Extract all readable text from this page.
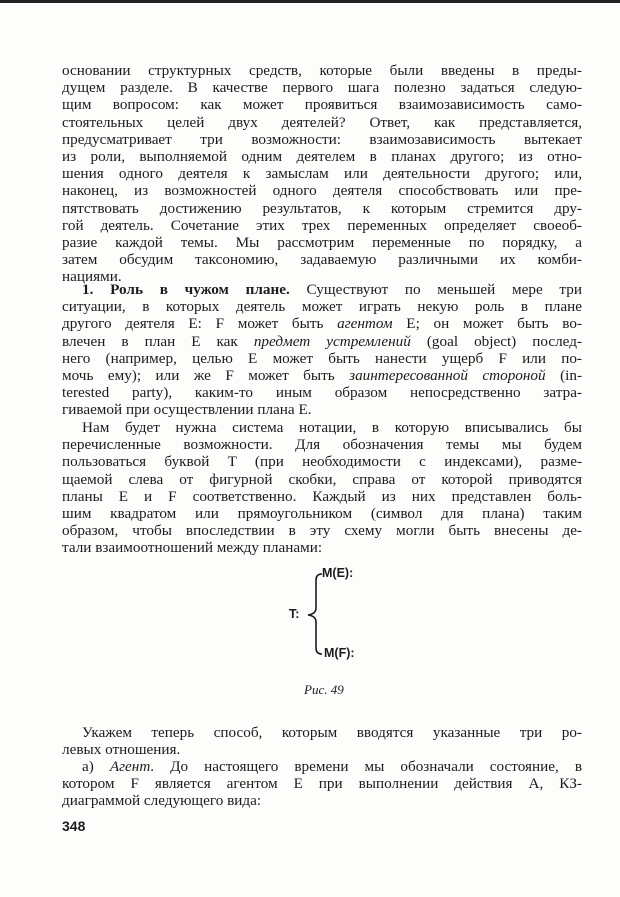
основании структурных средств, которые были введены в преды-
дущем разделе. В качестве первого шага полезно задаться следую-
щим вопросом: как может проявиться взаимозависимость само-
стоятельных целей двух деятелей? Ответ, как представляется,
предусматривает три возможности: взаимозависимость вытекает
из роли, выполняемой одним деятелем в планах другого; из отно-
шения одного деятеля к замыслам или деятельности другого; или,
наконец, из возможностей одного деятеля способствовать или пре-
пятствовать достижению результатов, к которым стремится дру-
гой деятель. Сочетание этих трех переменных определяет своеоб-
разие каждой темы. Мы рассмотрим переменные по порядку, а
затем обсудим таксономию, задаваемую различными их комби-
нациями.
1. Роль в чужом плане. Существуют по меньшей мере три
ситуации, в которых деятель может играть некую роль в плане
другого деятеля E: F может быть агентом E; он может быть во-
влечен в план E как предмет устремлений (goal object) послед-
него (например, целью E может быть нанести ущерб F или по-
мочь ему); или же F может быть заинтересованной стороной (in-
terested party), каким-то иным образом непосредственно затра-
гиваемой при осуществлении плана E.
Нам будет нужна система нотации, в которую вписывались бы
перечисленные возможности. Для обозначения темы мы будем
пользоваться буквой T (при необходимости с индексами), разме-
щаемой слева от фигурной скобки, справа от которой приводятся
планы E и F соответственно. Каждый из них представлен боль-
шим квадратом или прямоугольником (символ для плана) таким
образом, чтобы впоследствии в эту схему могли быть внесены де-
тали взаимоотношений между планами:
T:
M(E):
M(F):
Рис. 49
Укажем теперь способ, которым вводятся указанные три ро-
левых отношения.
а) Агент. До настоящего времени мы обозначали состояние, в
котором F является агентом E при выполнении действия A, КЗ-
диаграммой следующего вида:
348
